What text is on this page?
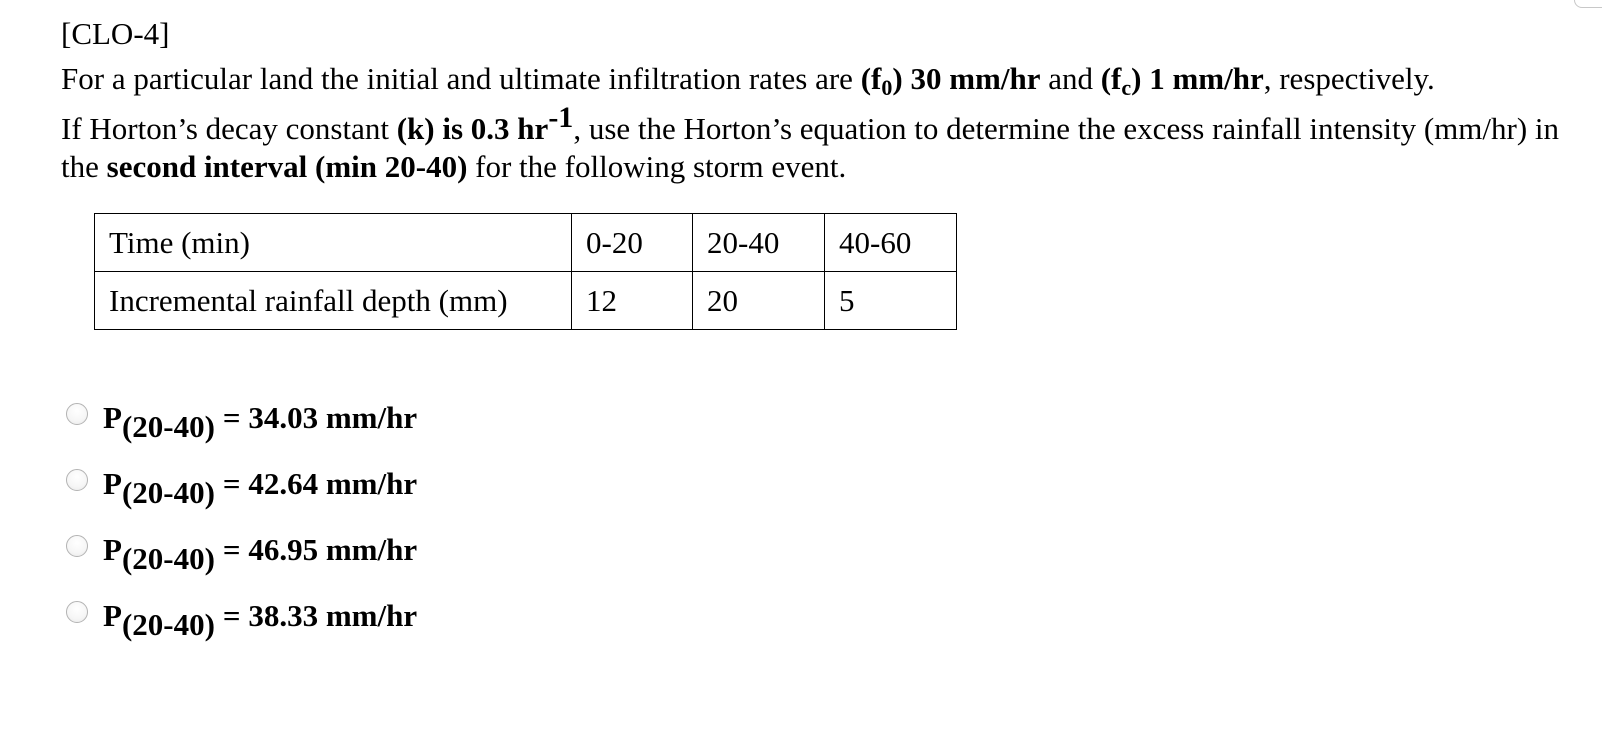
[CLO-4]

For a particular land the initial and ultimate infiltration rates are $(f_0)$ 30 mm/hr and $(f_c)$ 1 mm/hr, respectively.

If Horton’s decay constant (k) is 0.3 $hr^{-1}$, use the Horton’s equation to determine the excess rainfall intensity (mm/hr) in the second interval (min 20-40) for the following storm event.

Time (min)	0-20	20-40	40-60
Incremental rainfall depth (mm)	12	20	5
P(20-40) = 34.03 mm/hr
P(20-40) = 42.64 mm/hr
P(20-40) = 46.95 mm/hr
P(20-40) = 38.33 mm/hr
